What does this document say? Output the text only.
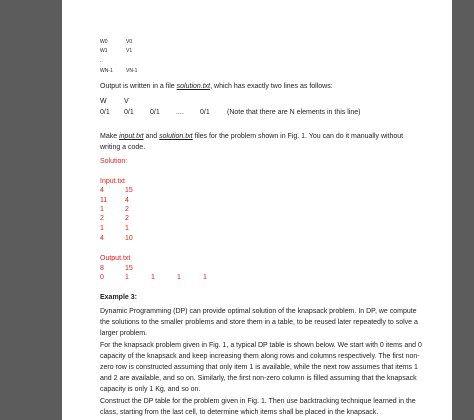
W0	V0
W1	V1
..
WN-1	VN-1
Output is written in a file solution.txt, which has exactly two lines as follows:
W V
0/1 0/1 0/1 .... 0/1 (Note that there are N elements in this line)
Make input.txt and solution.txt files for the problem shown in Fig. 1. You can do it manually without writing a code.
Solution:
Input.txt
4	15
11	4
1	2
2	2
1	1
4	10
Output.txt
8	15
0	1	1	1	1
Example 3:
Dynamic Programming (DP) can provide optimal solution of the knapsack problem. In DP, we compute the solutions to the smaller problems and store them in a table, to be reused later repeatedly to solve a larger problem.
For the knapsack problem given in Fig. 1, a typical DP table is shown below. We start with 0 items and 0 capacity of the knapsack and keep increasing them along rows and columns respectively. The first non-zero row is constructed assuming that only item 1 is available, while the next row assumes that items 1 and 2 are available, and so on. Similarly, the first non-zero column is filled assuming that the knapsack capacity is only 1 Kg, and so on.
Construct the DP table for the problem given in Fig. 1. Then use backtracking technique learned in the class, starting from the last cell, to determine which items shall be placed in the knapsack.
